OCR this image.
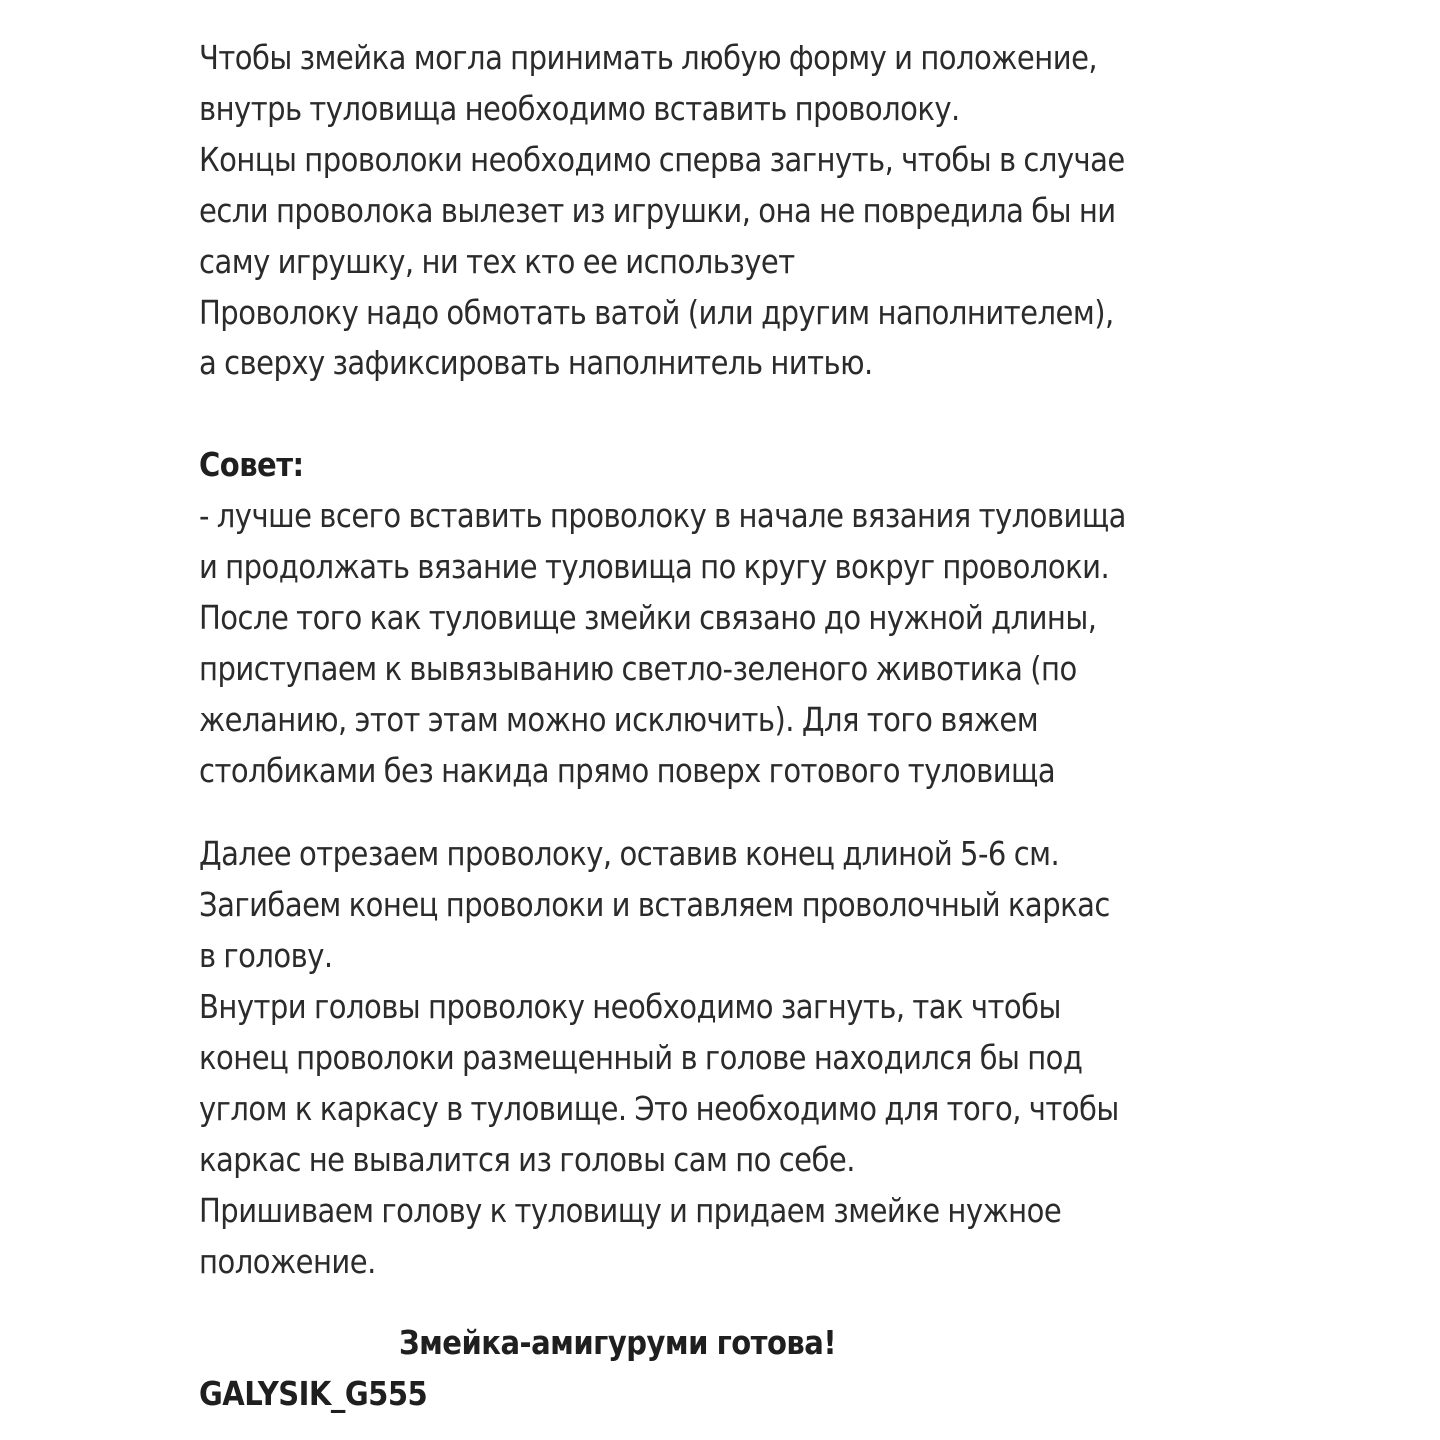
Чтобы змейка могла принимать любую форму и положение,
внутрь туловища необходимо вставить проволоку.
Концы проволоки необходимо сперва загнуть, чтобы в случае
если проволока вылезет из игрушки, она не повредила бы ни
саму игрушку, ни тех кто ее использует
Проволоку надо обмотать ватой (или другим наполнителем),
а сверху зафиксировать наполнитель нитью.
Совет:
- лучше всего вставить проволоку в начале вязания туловища
и продолжать вязание туловища по кругу вокруг проволоки.
После того как туловище змейки связано до нужной длины,
приступаем к вывязыванию светло-зеленого животика (по
желанию, этот этам можно исключить). Для того вяжем
столбиками без накида прямо поверх готового туловища
Далее отрезаем проволоку, оставив конец длиной 5-6 см.
Загибаем конец проволоки и вставляем проволочный каркас
в голову.
Внутри головы проволоку необходимо загнуть, так чтобы
конец проволоки размещенный в голове находился бы под
углом к каркасу в туловище. Это необходимо для того, чтобы
каркас не вывалится из головы сам по себе.
Пришиваем голову к туловищу и придаем змейке нужное
положение.
Змейка-амигуруми готова!
GALYSIK_G555
